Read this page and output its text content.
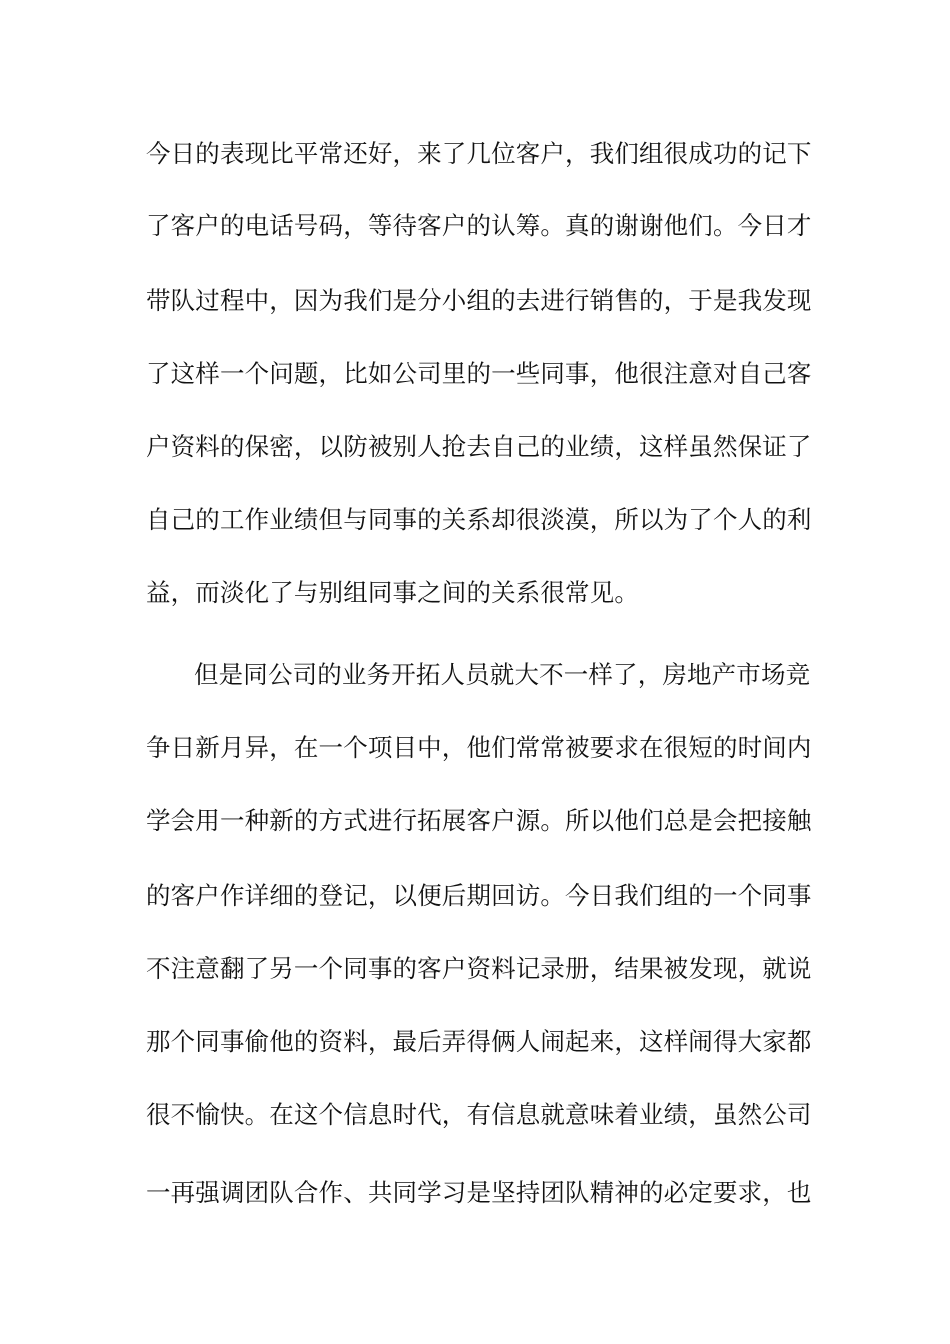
今日的表现比平常还好，来了几位客户，我们组很成功的记下
了客户的电话号码，等待客户的认筹。真的谢谢他们。今日才
带队过程中，因为我们是分小组的去进行销售的，于是我发现
了这样一个问题，比如公司里的一些同事，他很注意对自己客
户资料的保密，以防被别人抢去自己的业绩，这样虽然保证了
自己的工作业绩但与同事的关系却很淡漠，所以为了个人的利
益，而淡化了与别组同事之间的关系很常见。
但是同公司的业务开拓人员就大不一样了，房地产市场竞
争日新月异，在一个项目中，他们常常被要求在很短的时间内
学会用一种新的方式进行拓展客户源。所以他们总是会把接触
的客户作详细的登记，以便后期回访。今日我们组的一个同事
不注意翻了另一个同事的客户资料记录册，结果被发现，就说
那个同事偷他的资料，最后弄得俩人闹起来，这样闹得大家都
很不愉快。在这个信息时代，有信息就意味着业绩，虽然公司
一再强调团队合作、共同学习是坚持团队精神的必定要求，也
